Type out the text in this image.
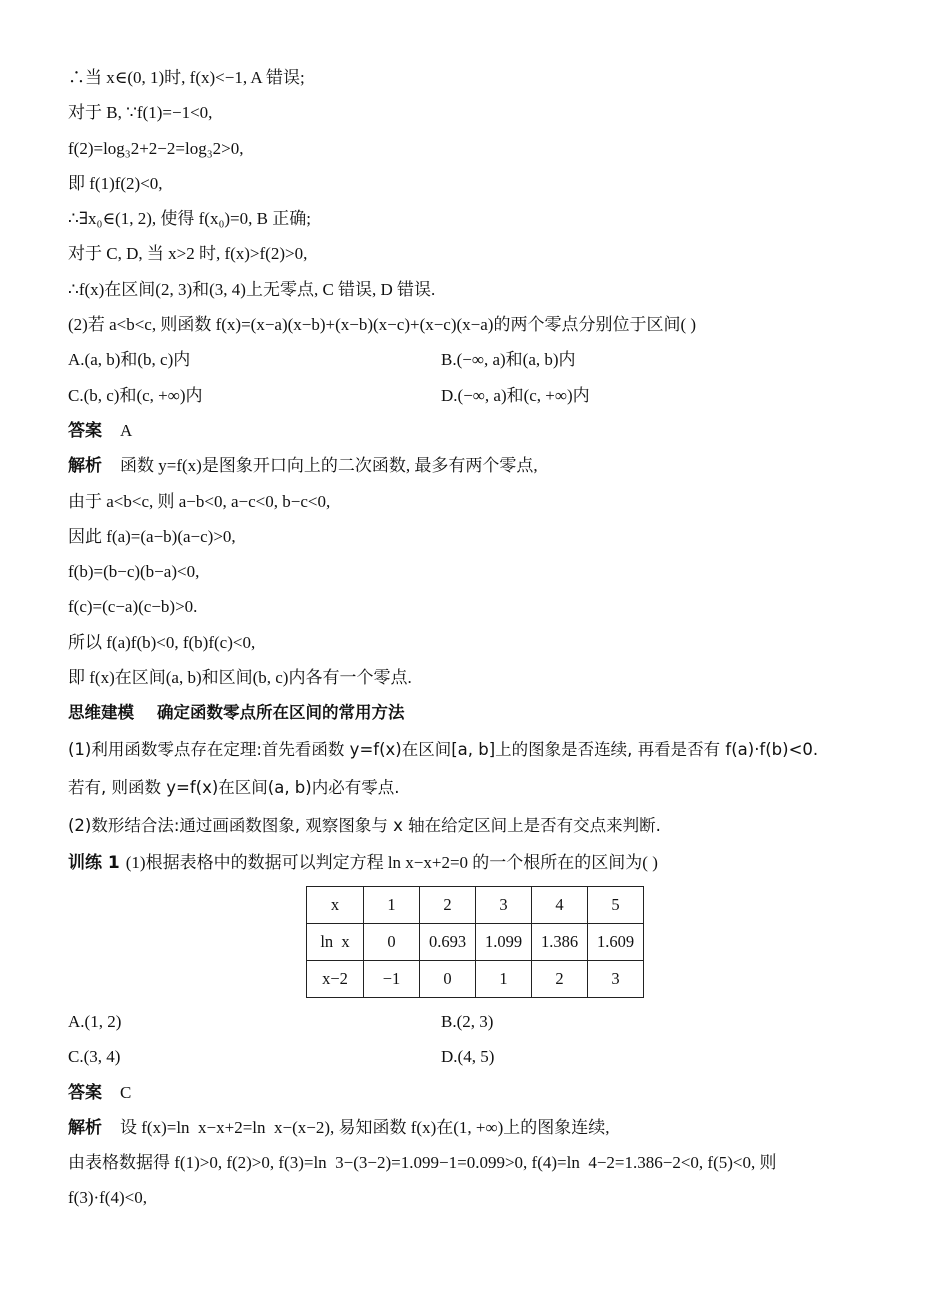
∴当 x∈(0, 1)时, f(x)<−1, A 错误;
对于 B, ∵f(1)=−1<0,
f(2)=log₃2+2−2=log₃2>0,
即 f(1)f(2)<0,
∴∃x₀∈(1, 2), 使得 f(x₀)=0, B 正确;
对于 C, D, 当 x>2 时, f(x)>f(2)>0,
∴f(x)在区间(2, 3)和(3, 4)上无零点, C 错误, D 错误.
(2)若 a<b<c, 则函数 f(x)=(x−a)(x−b)+(x−b)(x−c)+(x−c)(x−a)的两个零点分别位于区间( )
A.(a, b)和(b, c)内	B.(−∞, a)和(a, b)内
C.(b, c)和(c, +∞)内	D.(−∞, a)和(c, +∞)内
答案 A
解析 函数 y=f(x)是图象开口向上的二次函数, 最多有两个零点,
由于 a<b<c, 则 a−b<0, a−c<0, b−c<0,
因此 f(a)=(a−b)(a−c)>0,
f(b)=(b−c)(b−a)<0,
f(c)=(c−a)(c−b)>0.
所以 f(a)f(b)<0, f(b)f(c)<0,
即 f(x)在区间(a, b)和区间(b, c)内各有一个零点.
思维建模    确定函数零点所在区间的常用方法
(1)利用函数零点存在定理:首先看函数 y=f(x)在区间[a, b]上的图象是否连续, 再看是否有 f(a)·f(b)<0.
若有, 则函数 y=f(x)在区间(a, b)内必有零点.
(2)数形结合法:通过画函数图象, 观察图象与 x 轴在给定区间上是否有交点来判断.
训练 1 (1)根据表格中的数据可以判定方程 ln x−x+2=0 的一个根所在的区间为( )
x	1	2	3	4	5
ln  x	0	0.693	1.099	1.386	1.609
x−2	−1	0	1	2	3
A.(1, 2)	B.(2, 3)
C.(3, 4)	D.(4, 5)
答案 C
解析 设 f(x)=ln  x−x+2=ln  x−(x−2), 易知函数 f(x)在(1, +∞)上的图象连续,
由表格数据得 f(1)>0, f(2)>0, f(3)=ln  3−(3−2)=1.099−1=0.099>0, f(4)=ln  4−2=1.386−2<0, f(5)<0, 则
f(3)·f(4)<0,
